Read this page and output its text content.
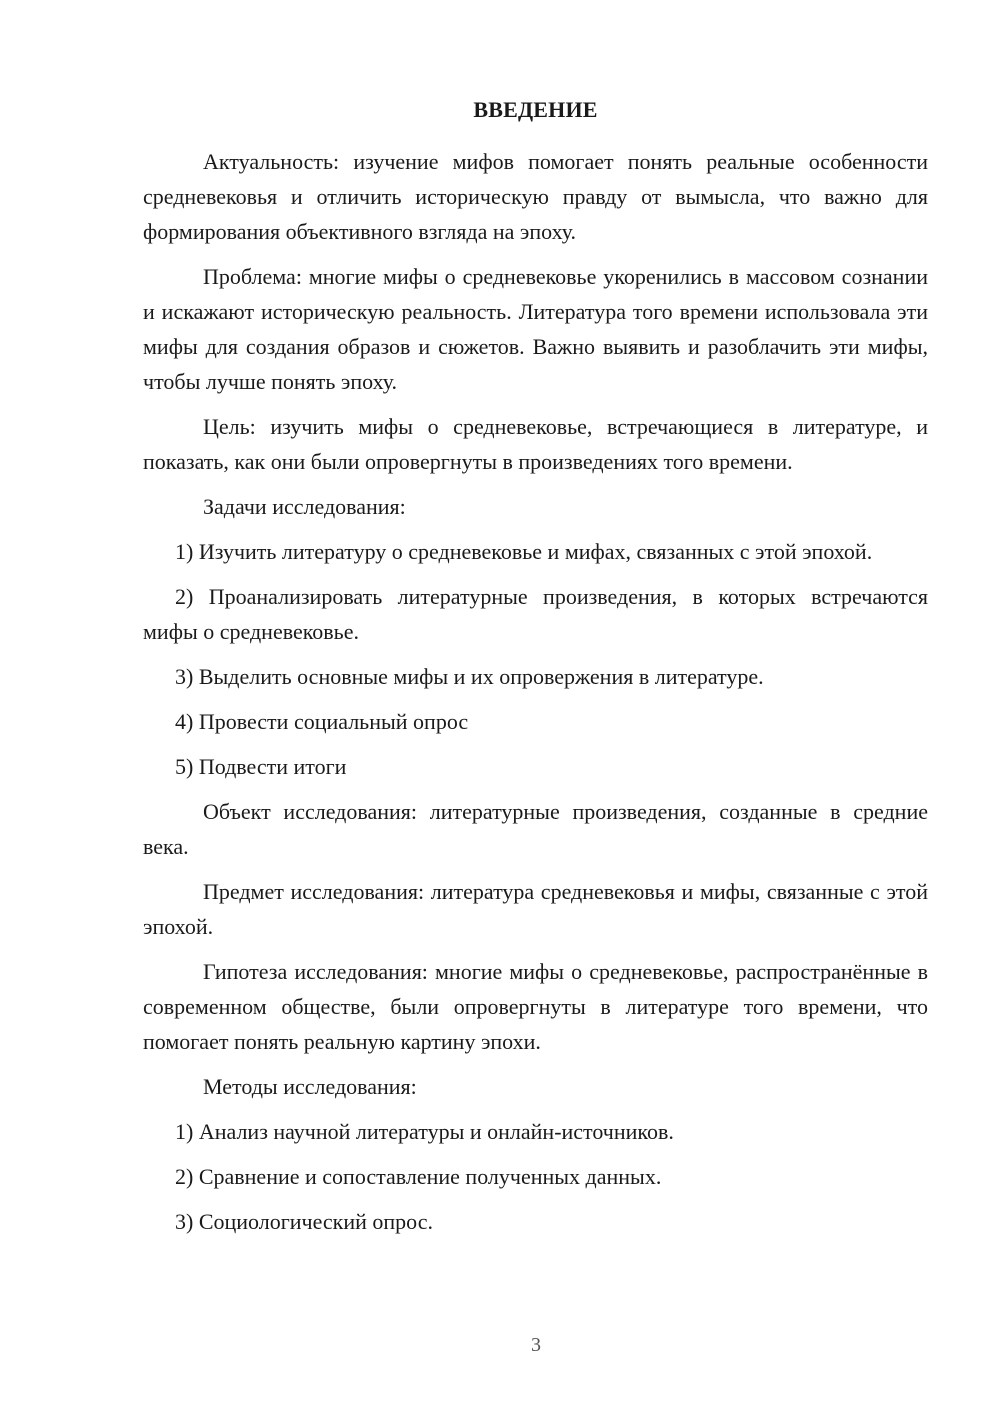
ВВЕДЕНИЕ

Актуальность: изучение мифов помогает понять реальные особенности средневековья и отличить историческую правду от вымысла, что важно для формирования объективного взгляда на эпоху.

Проблема: многие мифы о средневековье укоренились в массовом сознании и искажают историческую реальность. Литература того времени использовала эти мифы для создания образов и сюжетов. Важно выявить и разоблачить эти мифы, чтобы лучше понять эпоху.

Цель: изучить мифы о средневековье, встречающиеся в литературе, и показать, как они были опровергнуты в произведениях того времени.

Задачи исследования:

1) Изучить литературу о средневековье и мифах, связанных с этой эпохой.

2) Проанализировать литературные произведения, в которых встречаются мифы о средневековье.

3) Выделить основные мифы и их опровержения в литературе.

4) Провести социальный опрос

5) Подвести итоги

Объект исследования: литературные произведения, созданные в средние века.

Предмет исследования: литература средневековья и мифы, связанные с этой эпохой.

Гипотеза исследования: многие мифы о средневековье, распространённые в современном обществе, были опровергнуты в литературе того времени, что помогает понять реальную картину эпохи.

Методы исследования:

1) Анализ научной литературы и онлайн-источников.

2) Сравнение и сопоставление полученных данных.

3) Социологический опрос.

3
